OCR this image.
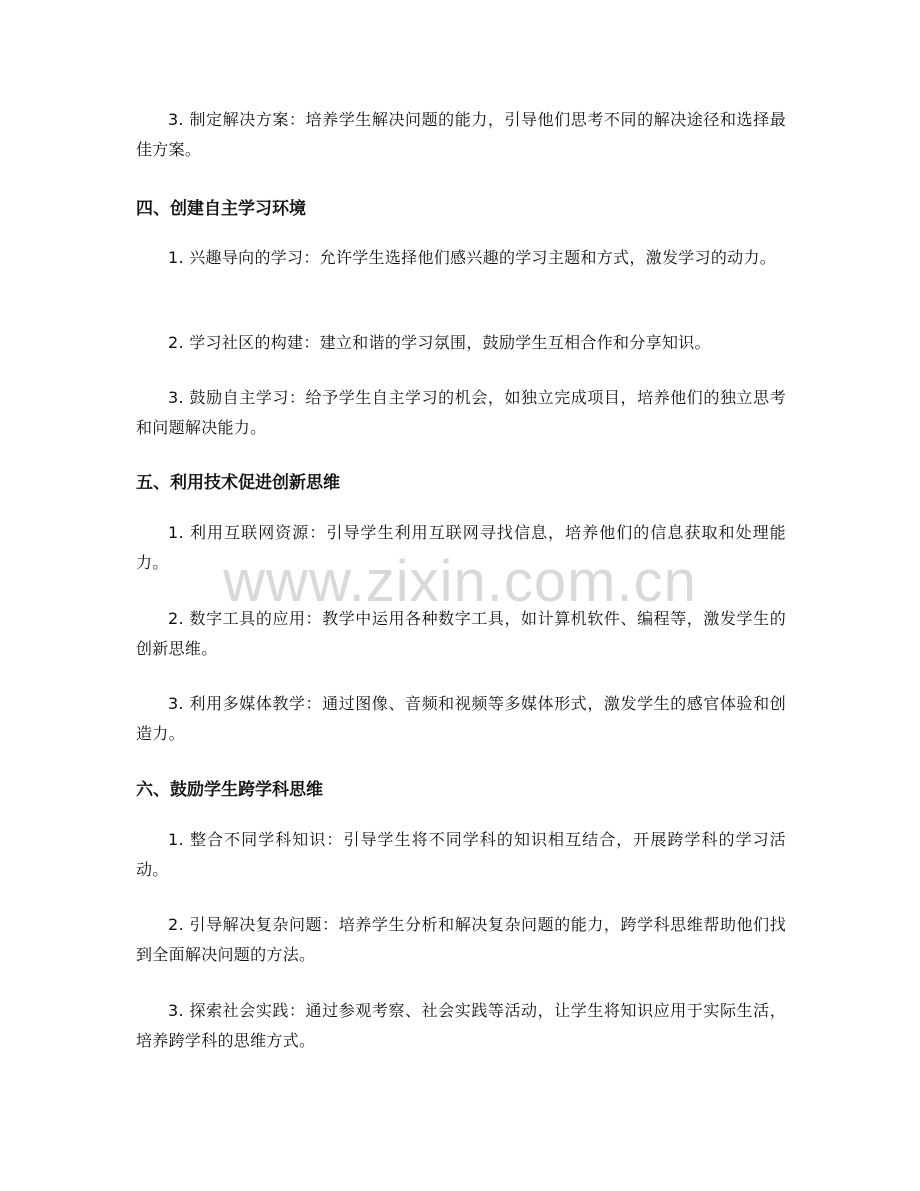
3. 制定解决方案：培养学生解决问题的能力，引导他们思考不同的解决途径和选择最佳方案。

四、创建自主学习环境

1. 兴趣导向的学习：允许学生选择他们感兴趣的学习主题和方式，激发学习的动力。

2. 学习社区的构建：建立和谐的学习氛围，鼓励学生互相合作和分享知识。

3. 鼓励自主学习：给予学生自主学习的机会，如独立完成项目，培养他们的独立思考和问题解决能力。

五、利用技术促进创新思维

1. 利用互联网资源：引导学生利用互联网寻找信息，培养他们的信息获取和处理能力。

2. 数字工具的应用：教学中运用各种数字工具，如计算机软件、编程等，激发学生的创新思维。

3. 利用多媒体教学：通过图像、音频和视频等多媒体形式，激发学生的感官体验和创造力。

六、鼓励学生跨学科思维

1. 整合不同学科知识：引导学生将不同学科的知识相互结合，开展跨学科的学习活动。

2. 引导解决复杂问题：培养学生分析和解决复杂问题的能力，跨学科思维帮助他们找到全面解决问题的方法。

3. 探索社会实践：通过参观考察、社会实践等活动，让学生将知识应用于实际生活，培养跨学科的思维方式。

www.zixin.com.cn
